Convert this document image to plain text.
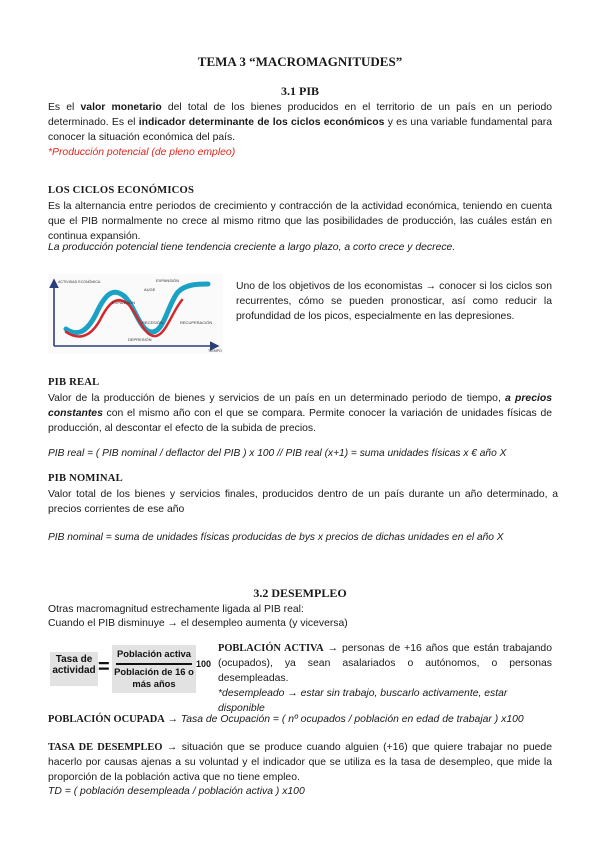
TEMA 3 “MACROMAGNITUDES”
3.1 PIB
Es el valor monetario del total de los bienes producidos en el territorio de un país en un periodo determinado. Es el indicador determinante de los ciclos económicos y es una variable fundamental para conocer la situación económica del país.
*Producción potencial (de pleno empleo)
LOS CICLOS ECONÓMICOS
Es la alternancia entre periodos de crecimiento y contracción de la actividad económica, teniendo en cuenta que el PIB normalmente no crece al mismo ritmo que las posibilidades de producción, las cuáles están en continua expansión.
La producción potencial tiene tendencia creciente a largo plazo, a corto crece y decrece.
ACTIVIDAD ECONÓMICA
TIEMPO
EXPANSIÓN
AUGE
RECESIÓN
DEPRESIÓN
RECUPERACIÓN
EXPANSIÓN
Uno de los objetivos de los economistas → conocer si los ciclos son recurrentes, cómo se pueden pronosticar, así como reducir la profundidad de los picos, especialmente en las depresiones.
PIB REAL
Valor de la producción de bienes y servicios de un país en un determinado periodo de tiempo, a precios constantes con el mismo año con el que se compara. Permite conocer la variación de unidades físicas de producción, al descontar el efecto de la subida de precios.
PIB real = ( PIB nominal / deflactor del PIB ) x 100 // PIB real (x+1) = suma unidades físicas x € año X
PIB NOMINAL
Valor total de los bienes y servicios finales, producidos dentro de un país durante un año determinado, a precios corrientes de ese año
PIB nominal = suma de unidades físicas producidas de bys x precios de dichas unidades en el año X
3.2 DESEMPLEO
Otras macromagnitud estrechamente ligada al PIB real:
Cuando el PIB disminuye → el desempleo aumenta (y viceversa)
Tasa de actividad =
Población activa
Población de 16 o más años
100
POBLACIÓN ACTIVA → personas de +16 años que están trabajando (ocupados), ya sean asalariados o autónomos, o personas desempleadas.
*desempleado → estar sin trabajo, buscarlo activamente, estar disponible
POBLACIÓN OCUPADA → Tasa de Ocupación = ( nº ocupados / población en edad de trabajar ) x100
TASA DE DESEMPLEO → situación que se produce cuando alguien (+16) que quiere trabajar no puede hacerlo por causas ajenas a su voluntad y el indicador que se utiliza es la tasa de desempleo, que mide la proporción de la población activa que no tiene empleo.
TD = ( población desempleada / población activa ) x100
